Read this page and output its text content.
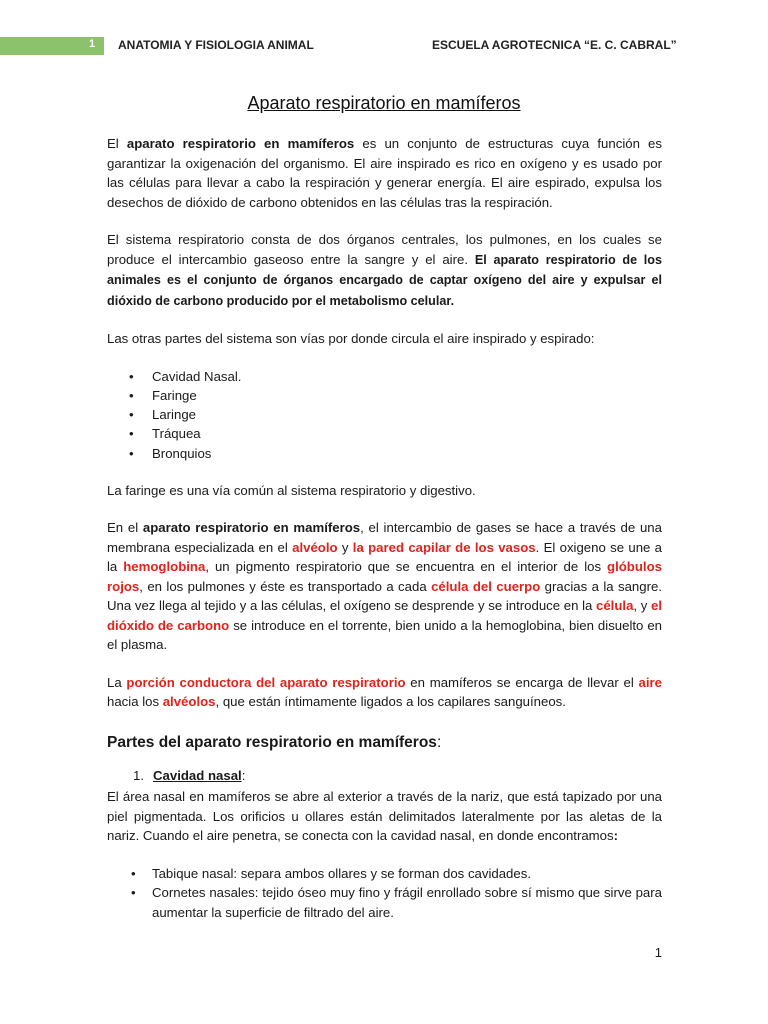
1 ANATOMIA Y FISIOLOGIA ANIMAL	ESCUELA AGROTECNICA “E. C. CABRAL”
Aparato respiratorio en mamíferos

El aparato respiratorio en mamíferos es un conjunto de estructuras cuya función es garantizar la oxigenación del organismo. El aire inspirado es rico en oxígeno y es usado por las células para llevar a cabo la respiración y generar energía. El aire espirado, expulsa los desechos de dióxido de carbono obtenidos en las células tras la respiración.

El sistema respiratorio consta de dos órganos centrales, los pulmones, en los cuales se produce el intercambio gaseoso entre la sangre y el aire. El aparato respiratorio de los animales es el conjunto de órganos encargado de captar oxígeno del aire y expulsar el dióxido de carbono producido por el metabolismo celular.

Las otras partes del sistema son vías por donde circula el aire inspirado y espirado:

• Cavidad Nasal.
• Faringe
• Laringe
• Tráquea
• Bronquios

La faringe es una vía común al sistema respiratorio y digestivo.

En el aparato respiratorio en mamíferos, el intercambio de gases se hace a través de una membrana especializada en el alvéolo y la pared capilar de los vasos. El oxigeno se une a la hemoglobina, un pigmento respiratorio que se encuentra en el interior de los glóbulos rojos, en los pulmones y éste es transportado a cada célula del cuerpo gracias a la sangre. Una vez llega al tejido y a las células, el oxígeno se desprende y se introduce en la célula, y el dióxido de carbono se introduce en el torrente, bien unido a la hemoglobina, bien disuelto en el plasma.

La porción conductora del aparato respiratorio en mamíferos se encarga de llevar el aire hacia los alvéolos, que están íntimamente ligados a los capilares sanguíneos.

Partes del aparato respiratorio en mamíferos:

1. Cavidad nasal:

El área nasal en mamíferos se abre al exterior a través de la nariz, que está tapizado por una piel pigmentada. Los orificios u ollares están delimitados lateralmente por las aletas de la nariz. Cuando el aire penetra, se conecta con la cavidad nasal, en donde encontramos:

• Tabique nasal: separa ambos ollares y se forman dos cavidades.
• Cornetes nasales: tejido óseo muy fino y frágil enrollado sobre sí mismo que sirve para aumentar la superficie de filtrado del aire.
1
